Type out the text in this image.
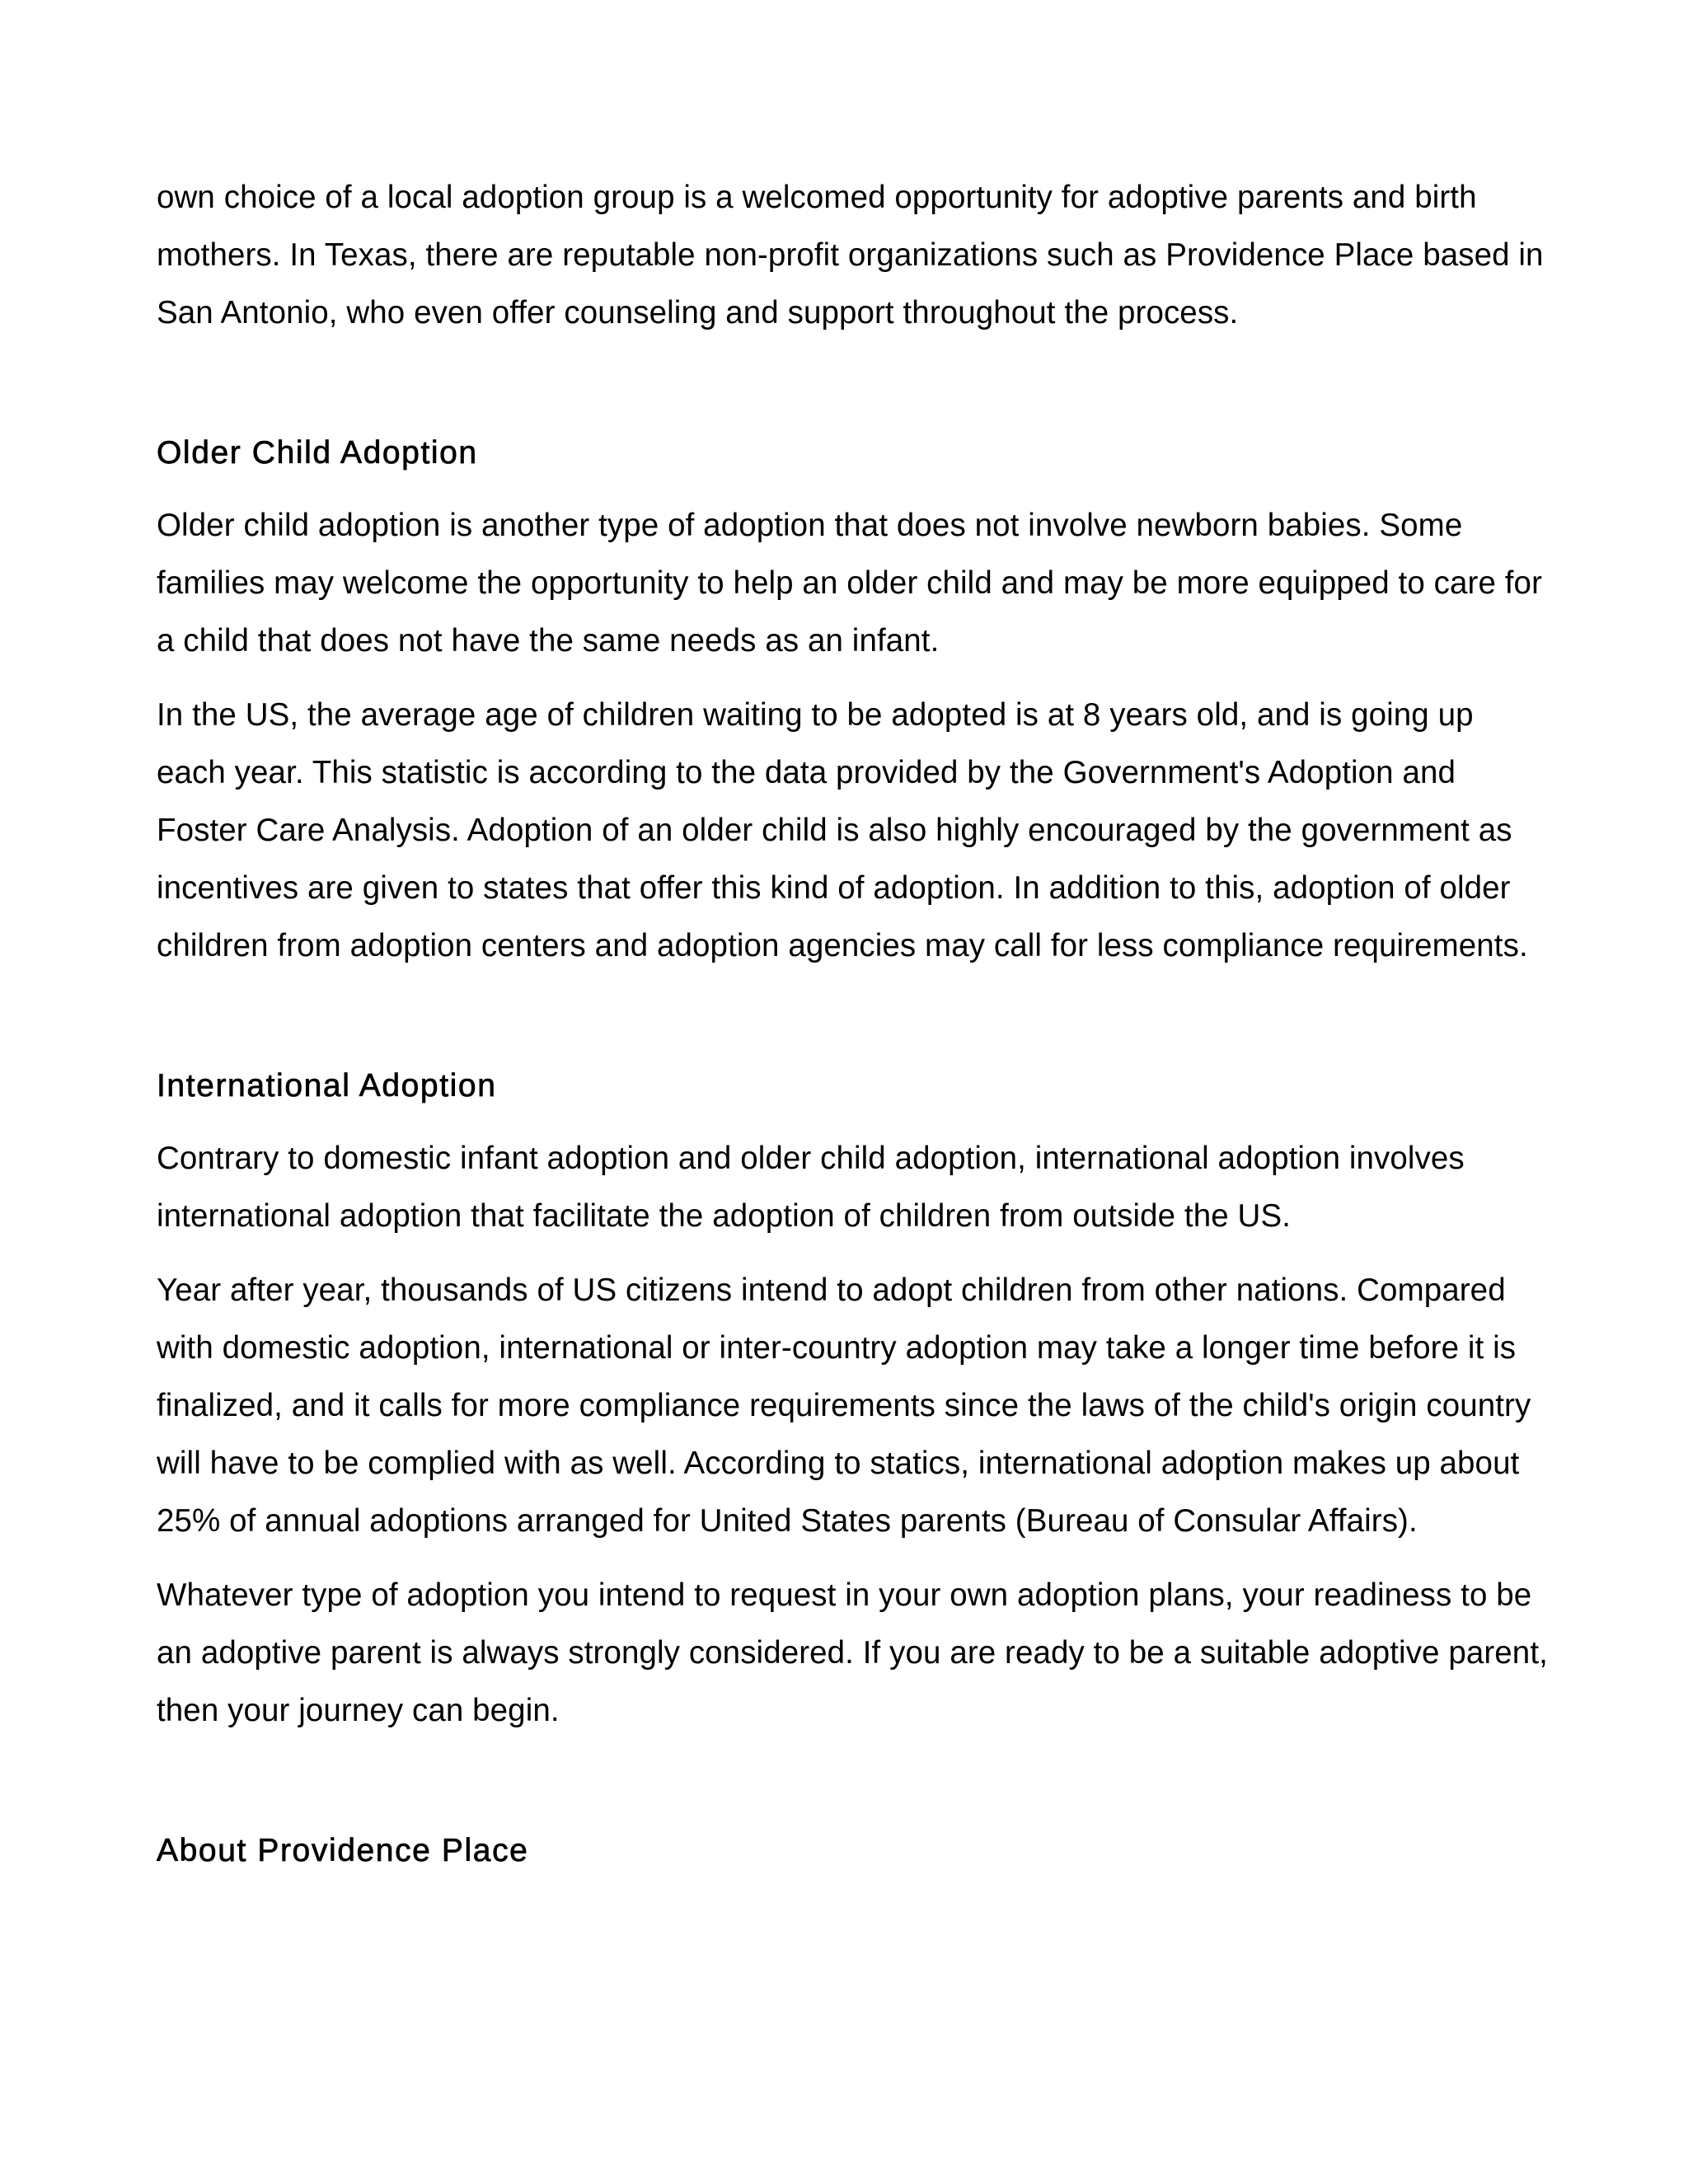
own choice of a local adoption group is a welcomed opportunity for adoptive parents and birth mothers. In Texas, there are reputable non-profit organizations such as Providence Place based in San Antonio, who even offer counseling and support throughout the process.

Older Child Adoption

Older child adoption is another type of adoption that does not involve newborn babies. Some families may welcome the opportunity to help an older child and may be more equipped to care for a child that does not have the same needs as an infant.

In the US, the average age of children waiting to be adopted is at 8 years old, and is going up each year. This statistic is according to the data provided by the Government's Adoption and Foster Care Analysis. Adoption of an older child is also highly encouraged by the government as incentives are given to states that offer this kind of adoption. In addition to this, adoption of older children from adoption centers and adoption agencies may call for less compliance requirements.

International Adoption

Contrary to domestic infant adoption and older child adoption, international adoption involves international adoption that facilitate the adoption of children from outside the US.

Year after year, thousands of US citizens intend to adopt children from other nations. Compared with domestic adoption, international or inter-country adoption may take a longer time before it is finalized, and it calls for more compliance requirements since the laws of the child's origin country will have to be complied with as well. According to statics, international adoption makes up about 25% of annual adoptions arranged for United States parents (Bureau of Consular Affairs).

Whatever type of adoption you intend to request in your own adoption plans, your readiness to be an adoptive parent is always strongly considered. If you are ready to be a suitable adoptive parent, then your journey can begin.

About Providence Place
